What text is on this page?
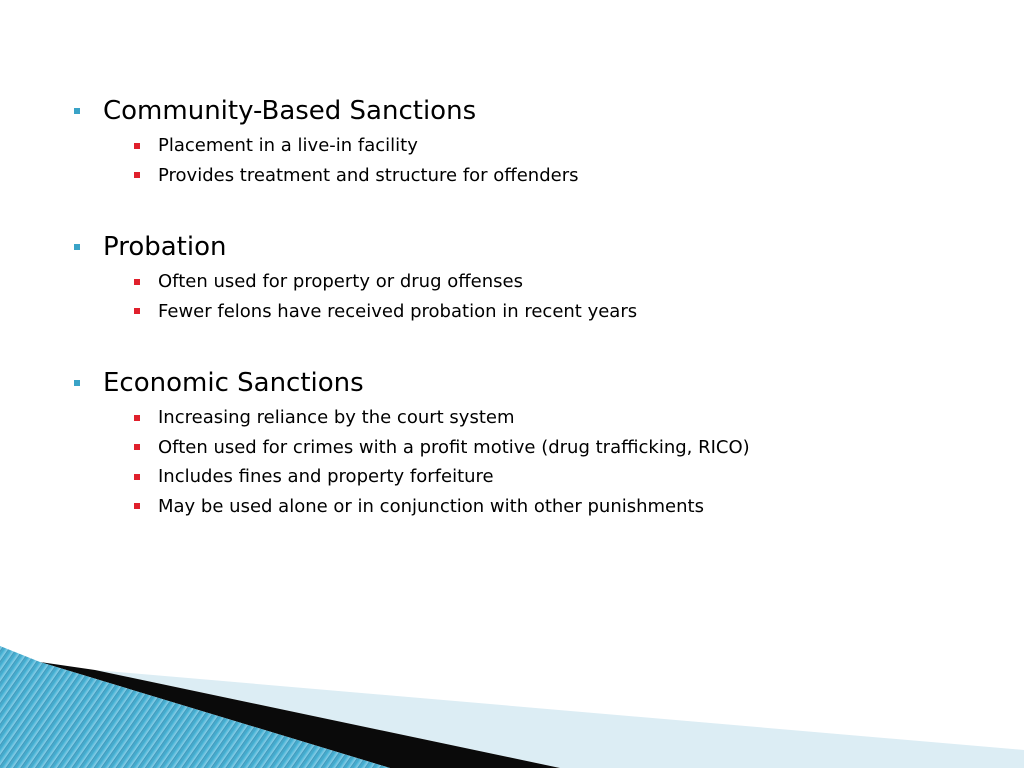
Community-Based Sanctions
Placement in a live-in facility
Provides treatment and structure for offenders
Probation
Often used for property or drug offenses
Fewer felons have received probation in recent years
Economic Sanctions
Increasing reliance by the court system
Often used for crimes with a profit motive (drug trafficking, RICO)
Includes fines and property forfeiture
May be used alone or in conjunction with other punishments
